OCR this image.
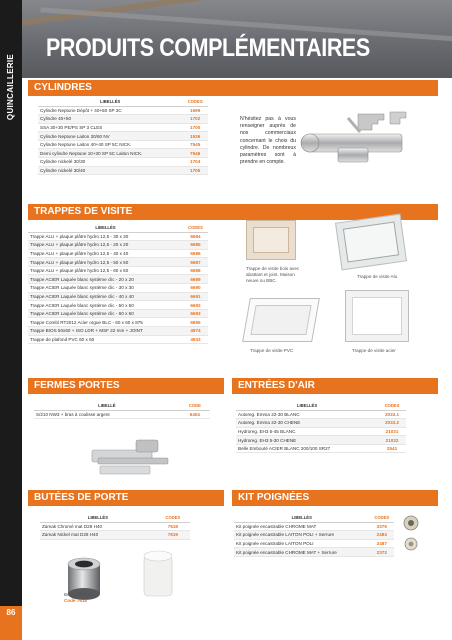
QUINCAILLERIE
PRODUITS COMPLÉMENTAIRES
86
CYLINDRES
LIBELLÉS	CODES
Cylindre Neptune Dépôt + 40+50 SP 3C	1699
Cylindre 40+50	1702
SSA 30+30 PE/PS SP 3 CLES	1700
Cylindre Neptune Laiton 30/60 NV	1536
Cylindre Neptune Laiton 40+40 SP 5C NICK.	7545
Demi cylindre Neptune 10+30 SP 5C Laiton NICK.	7546
Cylindre nickelé 30/30	1704
Cylindre nickelé 30/40	1705
N'hésitez pas à vous renseigner auprès de nos commerciaux concernant le choix du cylindre. De nombreux paramètres sont à prendre en compte.
TRAPPES DE VISITE
LIBELLÉS	CODES
Trappe ALU + plaque plâtre hydro 12,5 - 30 x 30	6684
Trappe ALU + plaque plâtre hydro 12,5 - 20 x 20	6685
Trappe ALU + plaque plâtre hydro 12,5 - 40 x 40	6686
Trappe ALU + plaque plâtre hydro 12,5 - 50 x 50	6687
Trappe ALU + plaque plâtre hydro 12,5 - 60 x 60	6688
Trappe ACIER Laquée blanc système clic - 20 x 20	6689
Trappe ACIER Laquée blanc système clic - 30 x 30	6690
Trappe ACIER Laquée blanc système clic - 40 x 40	6691
Trappe ACIER Laquée blanc système clic - 50 x 50	6692
Trappe ACIER Laquée blanc système clic - 60 x 60	6693
Trappe Combl RT2012 Acier orgue BLC - 60 x 60 x 875	6695
Trappe BIOS 50x50 + ISO LDR + MSF 22 mm + JOINT	4974
Trappe de plafond PVC 60 x 60	4933
Trappe de visite bois avec abattant et joint. Maison neuve ou BBC.
Trappe de visite Alu
Trappe de visite PVC	Trappe de visite acier
FERMES PORTES
LIBELLÉ	CODE
S/210 NW3 + bras à coulisse argent	6404
ENTRÉES D'AIR
LIBELLÉS	CODES
Autoreg. Emma 22-30 BLANC	2033.1
Autoreg. Emma 22-30 CHENE	2033.2
Hydroreg. EH3 5-45 BLANC	21031
Hydroreg. EH3 5-30 CHENE	21032
Belle Embouté ACIER BLANC 200/100 SR27	2541
BUTÉES DE PORTE
LIBELLÉS	CODES
Zamak Chromé mat D28 H40	7618
Zamak Nickel mat D28 H40	7619
Butée chromé
Code 7618
KIT POIGNÉES
LIBELLÉS	CODES
Kit poignée encastrable CHROME MAT	3376
Kit poignée encastrable LAITON POLI + Serrure	2484
Kit poignée encastrable LAITON POLI	2487
Kit poignée encastrable CHROME MAT + Serrure	2372
